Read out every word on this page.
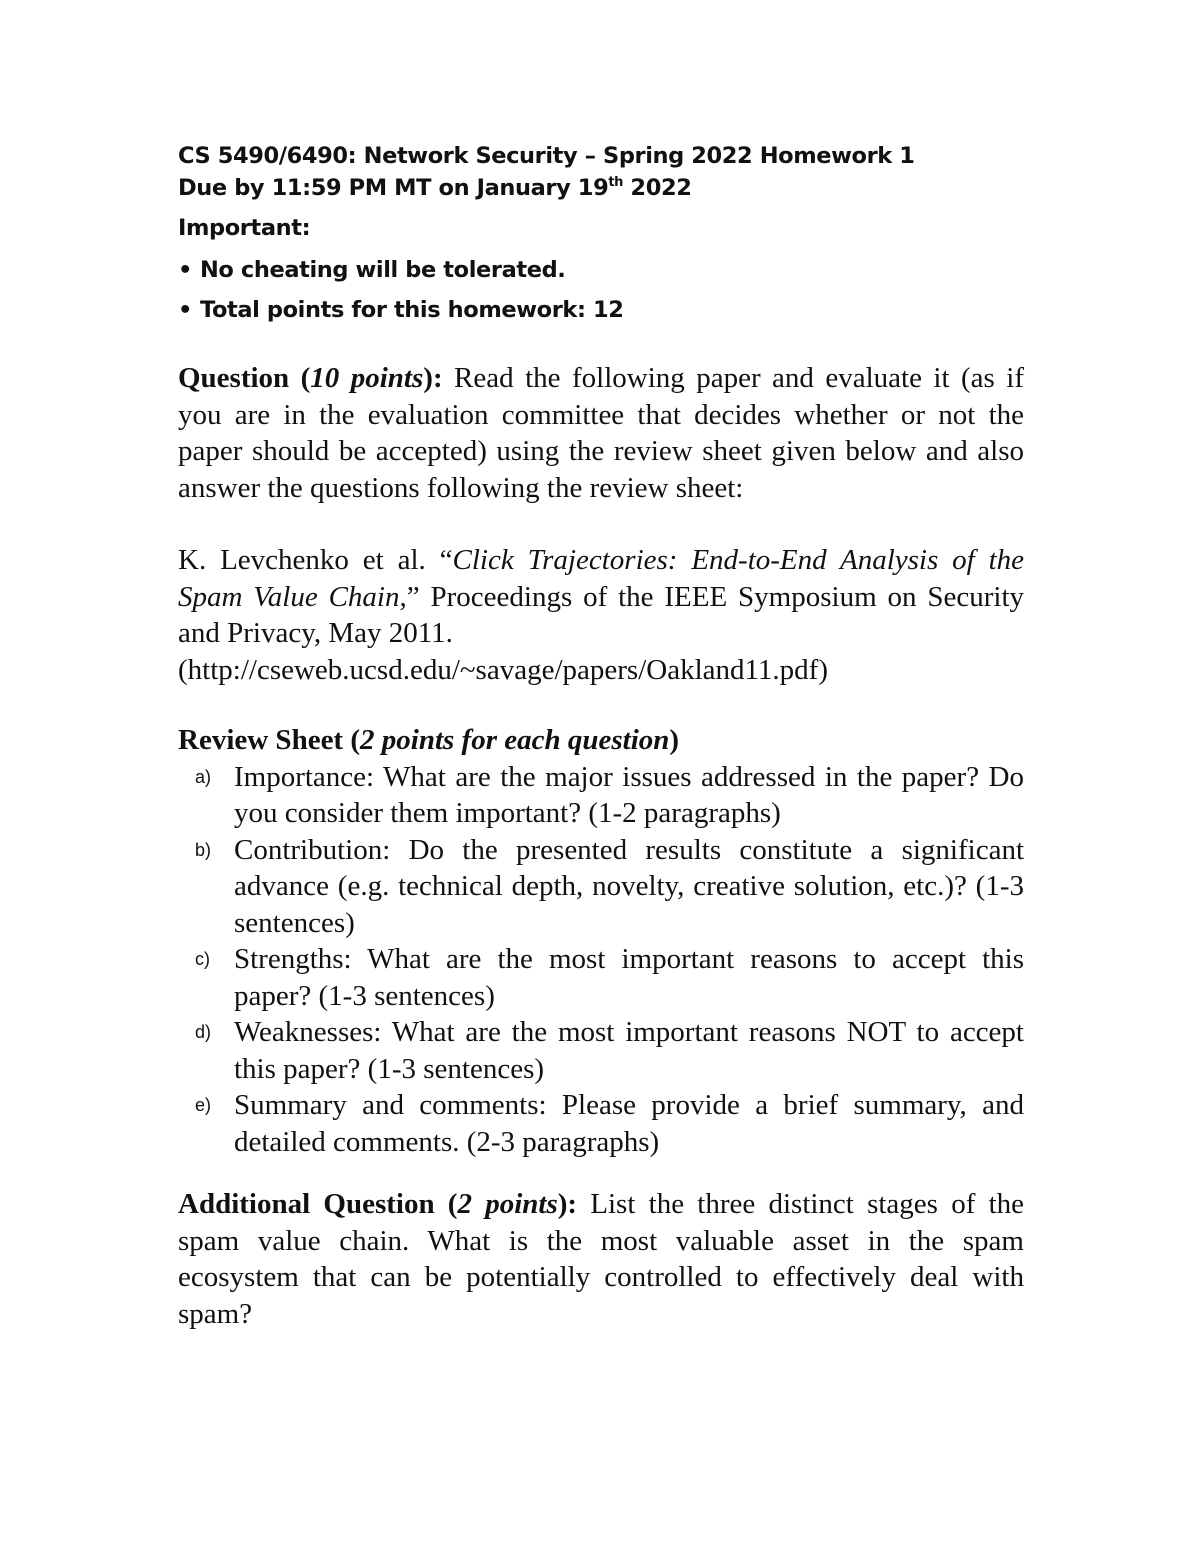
CS 5490/6490: Network Security – Spring 2022 Homework 1
Due by 11:59 PM MT on January 19th 2022
Important:
• No cheating will be tolerated.
• Total points for this homework: 12
Question (10 points): Read the following paper and evaluate it (as if you are in the evaluation committee that decides whether or not the paper should be accepted) using the review sheet given below and also answer the questions following the review sheet:
K. Levchenko et al. “Click Trajectories: End-to-End Analysis of the Spam Value Chain,” Proceedings of the IEEE Symposium on Security and Privacy, May 2011.
(http://cseweb.ucsd.edu/~savage/papers/Oakland11.pdf)
Review Sheet (2 points for each question)
a) Importance: What are the major issues addressed in the paper? Do you consider them important? (1-2 paragraphs)
b) Contribution: Do the presented results constitute a significant advance (e.g. technical depth, novelty, creative solution, etc.)? (1-3 sentences)
c) Strengths: What are the most important reasons to accept this paper? (1-3 sentences)
d) Weaknesses: What are the most important reasons NOT to accept this paper? (1-3 sentences)
e) Summary and comments: Please provide a brief summary, and detailed comments. (2-3 paragraphs)
Additional Question (2 points): List the three distinct stages of the spam value chain. What is the most valuable asset in the spam ecosystem that can be potentially controlled to effectively deal with spam?
